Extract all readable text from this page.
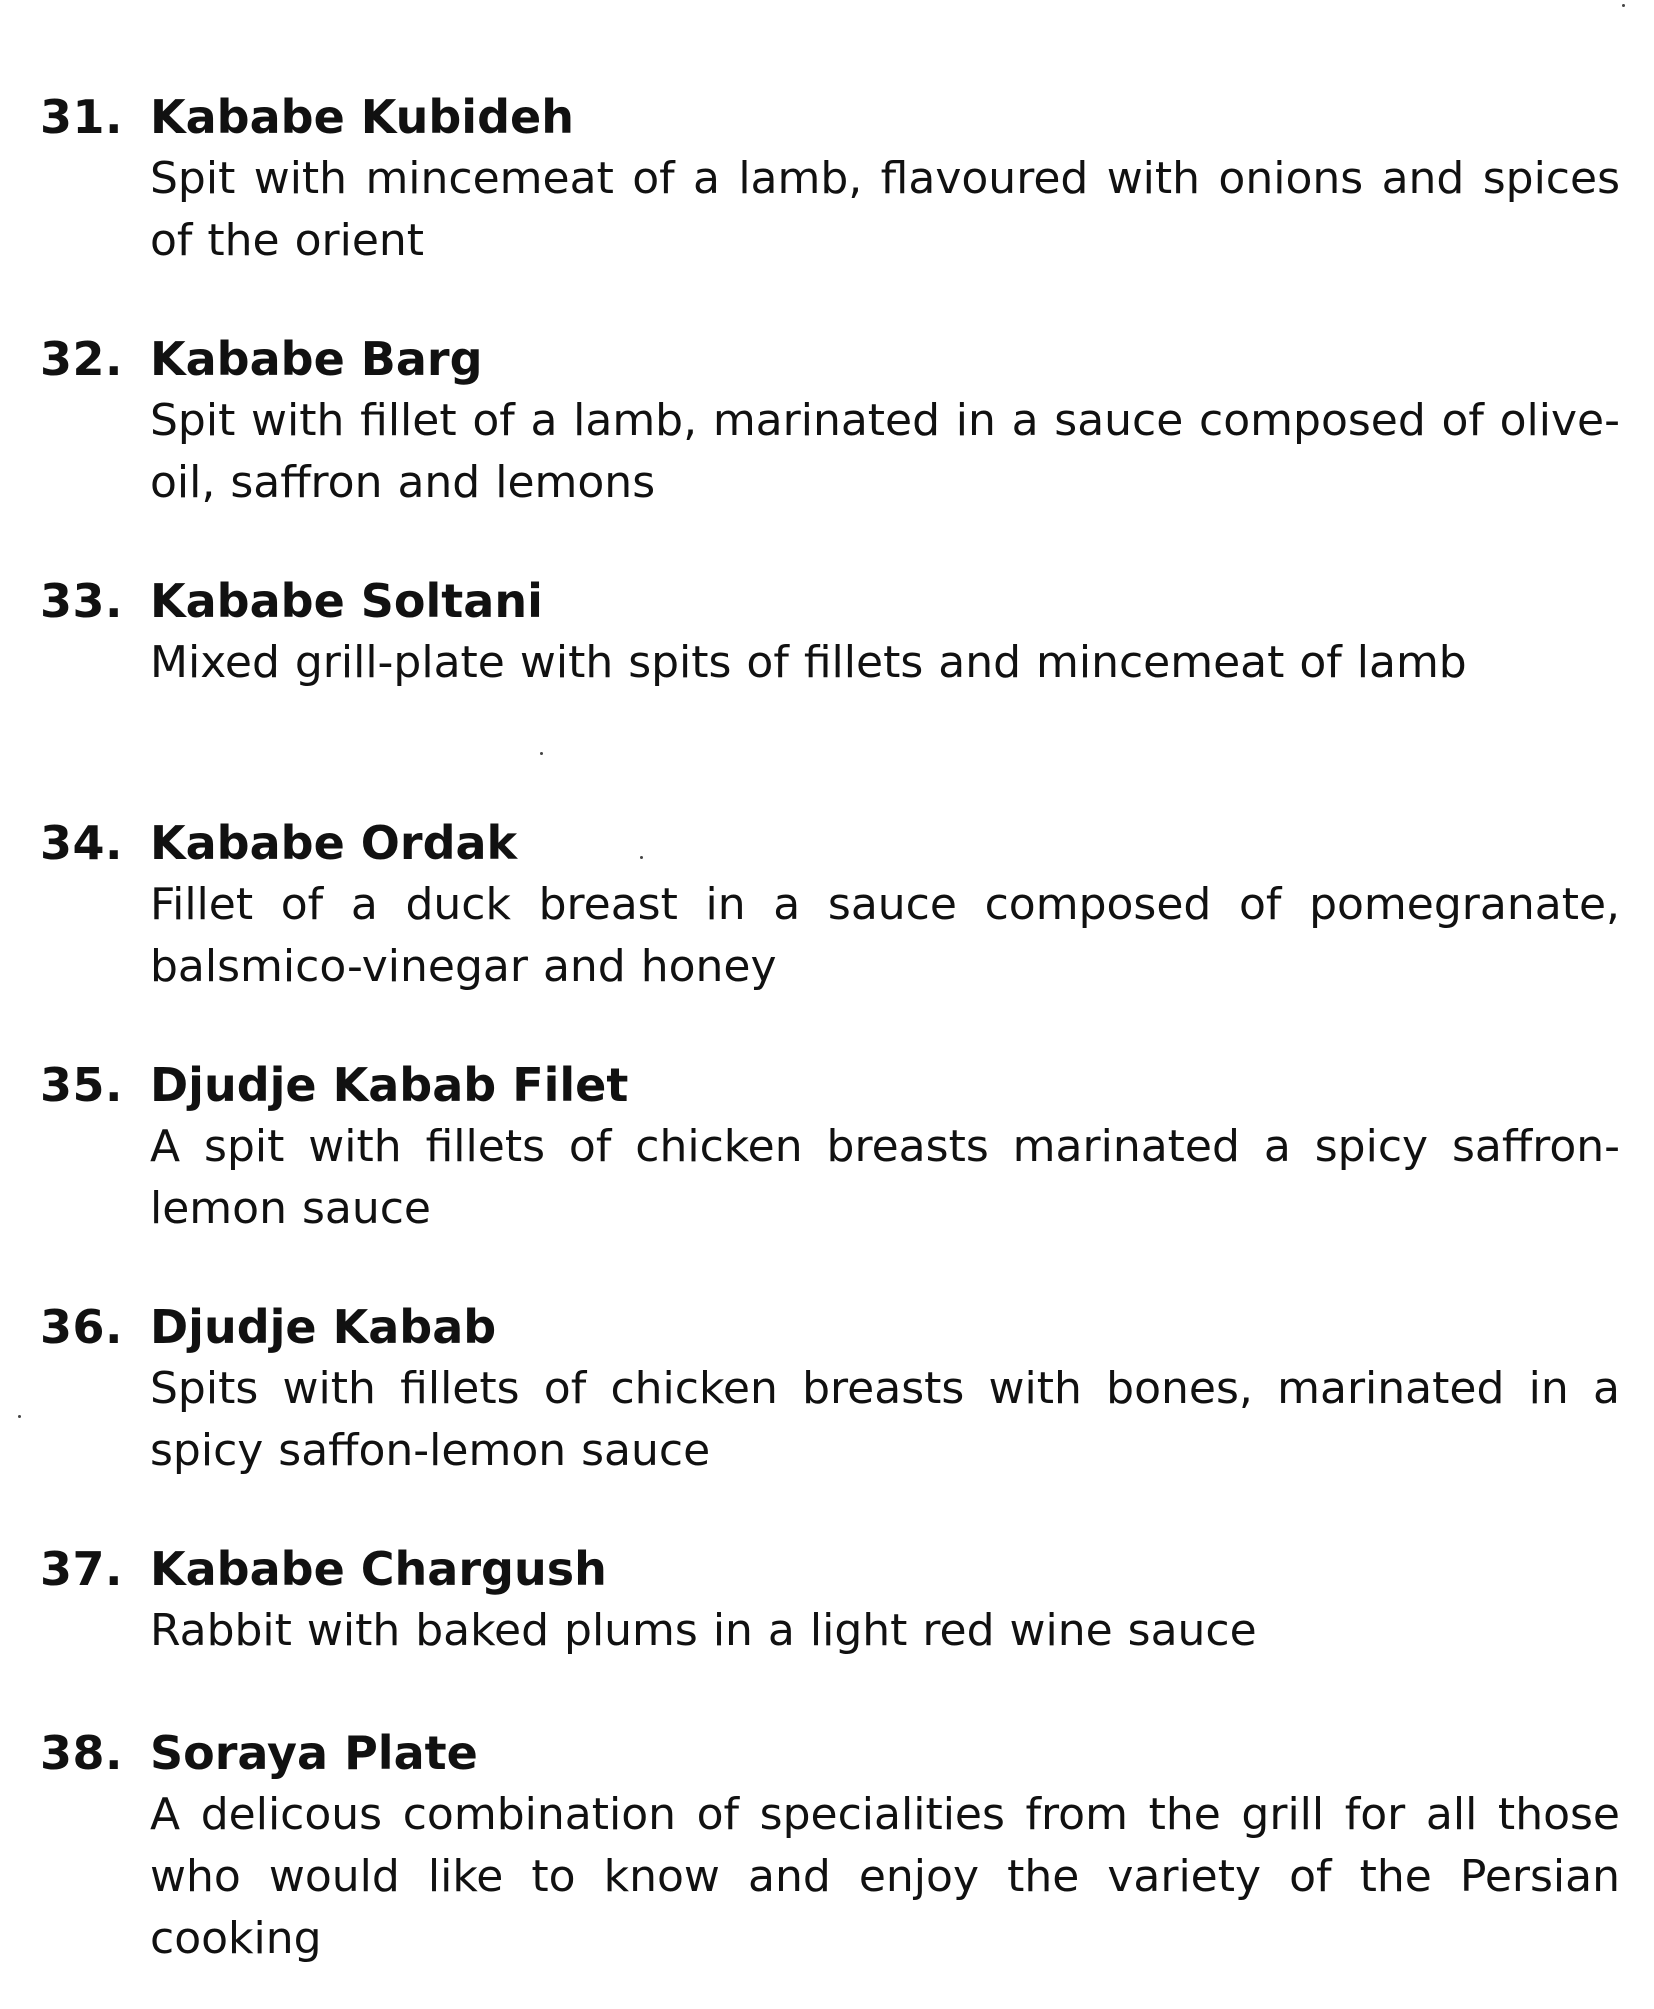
31. Kababe Kubideh
Spit with mincemeat of a lamb, flavoured with onions and spices of the orient
32. Kababe Barg
Spit with fillet of a lamb, marinated in a sauce composed of olive-oil, saffron and lemons
33. Kababe Soltani
Mixed grill-plate with spits of fillets and mincemeat of lamb
34. Kababe Ordak
Fillet of a duck breast in a sauce composed of pomegranate, balsmico-vinegar and honey
35. Djudje Kabab Filet
A spit with fillets of chicken breasts marinated a spicy saffron-lemon sauce
36. Djudje Kabab
Spits with fillets of chicken breasts with bones, marinated in a spicy saffon-lemon sauce
37. Kababe Chargush
Rabbit with baked plums in a light red wine sauce
38. Soraya Plate
A delicous combination of specialities from the grill for all those who would like to know and enjoy the variety of the Persian cooking
